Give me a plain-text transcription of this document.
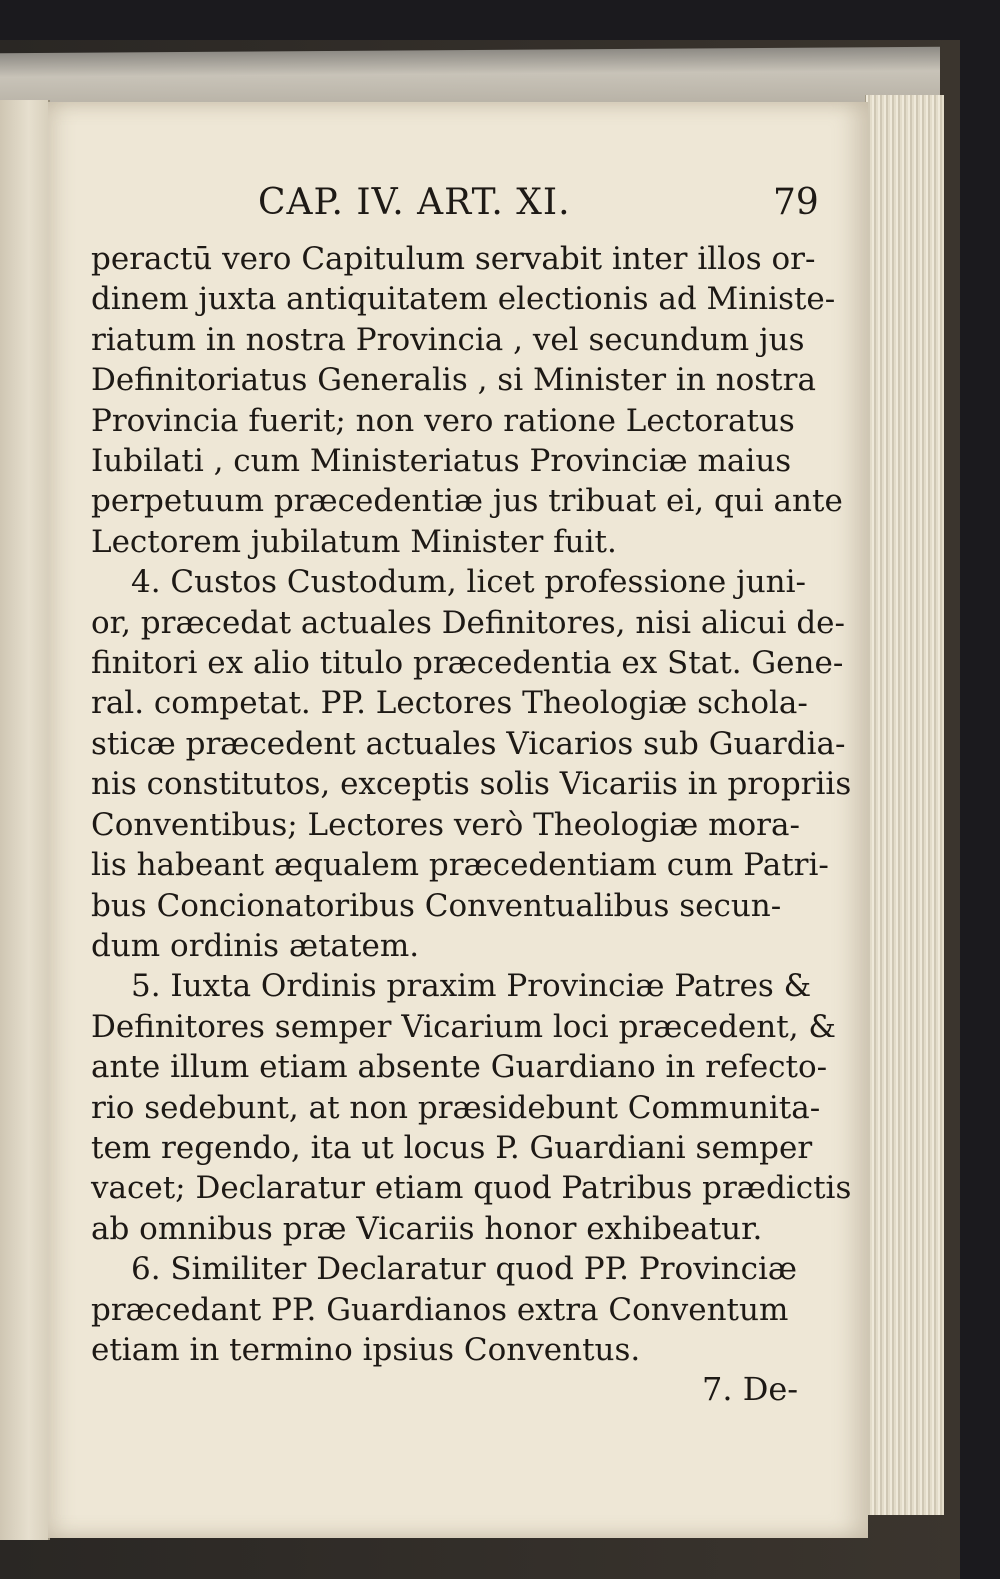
CAP. IV. ART. XI.	79
peractū vero Capitulum servabit inter illos or-
dinem juxta antiquitatem electionis ad Ministe-
riatum in nostra Provincia , vel secundum jus
Definitoriatus Generalis , si Minister in nostra
Provincia fuerit; non vero ratione Lectoratus
Iubilati , cum Ministeriatus Provinciæ maius
perpetuum præcedentiæ jus tribuat ei, qui ante
Lectorem jubilatum Minister fuit.
4. Custos Custodum, licet professione juni-
or, præcedat actuales Definitores, nisi alicui de-
finitori ex alio titulo præcedentia ex Stat. Gene-
ral. competat. PP. Lectores Theologiæ schola-
sticæ præcedent actuales Vicarios sub Guardia-
nis constitutos, exceptis solis Vicariis in propriis
Conventibus; Lectores verò Theologiæ mora-
lis habeant æqualem præcedentiam cum Patri-
bus Concionatoribus Conventualibus secun-
dum ordinis ætatem.
5. Iuxta Ordinis praxim Provinciæ Patres &
Definitores semper Vicarium loci præcedent, &
ante illum etiam absente Guardiano in refecto-
rio sedebunt, at non præsidebunt Communita-
tem regendo, ita ut locus P. Guardiani semper
vacet; Declaratur etiam quod Patribus prædictis
ab omnibus præ Vicariis honor exhibeatur.
6. Similiter Declaratur quod PP. Provinciæ
præcedant PP. Guardianos extra Conventum
etiam in termino ipsius Conventus.
7. De-
